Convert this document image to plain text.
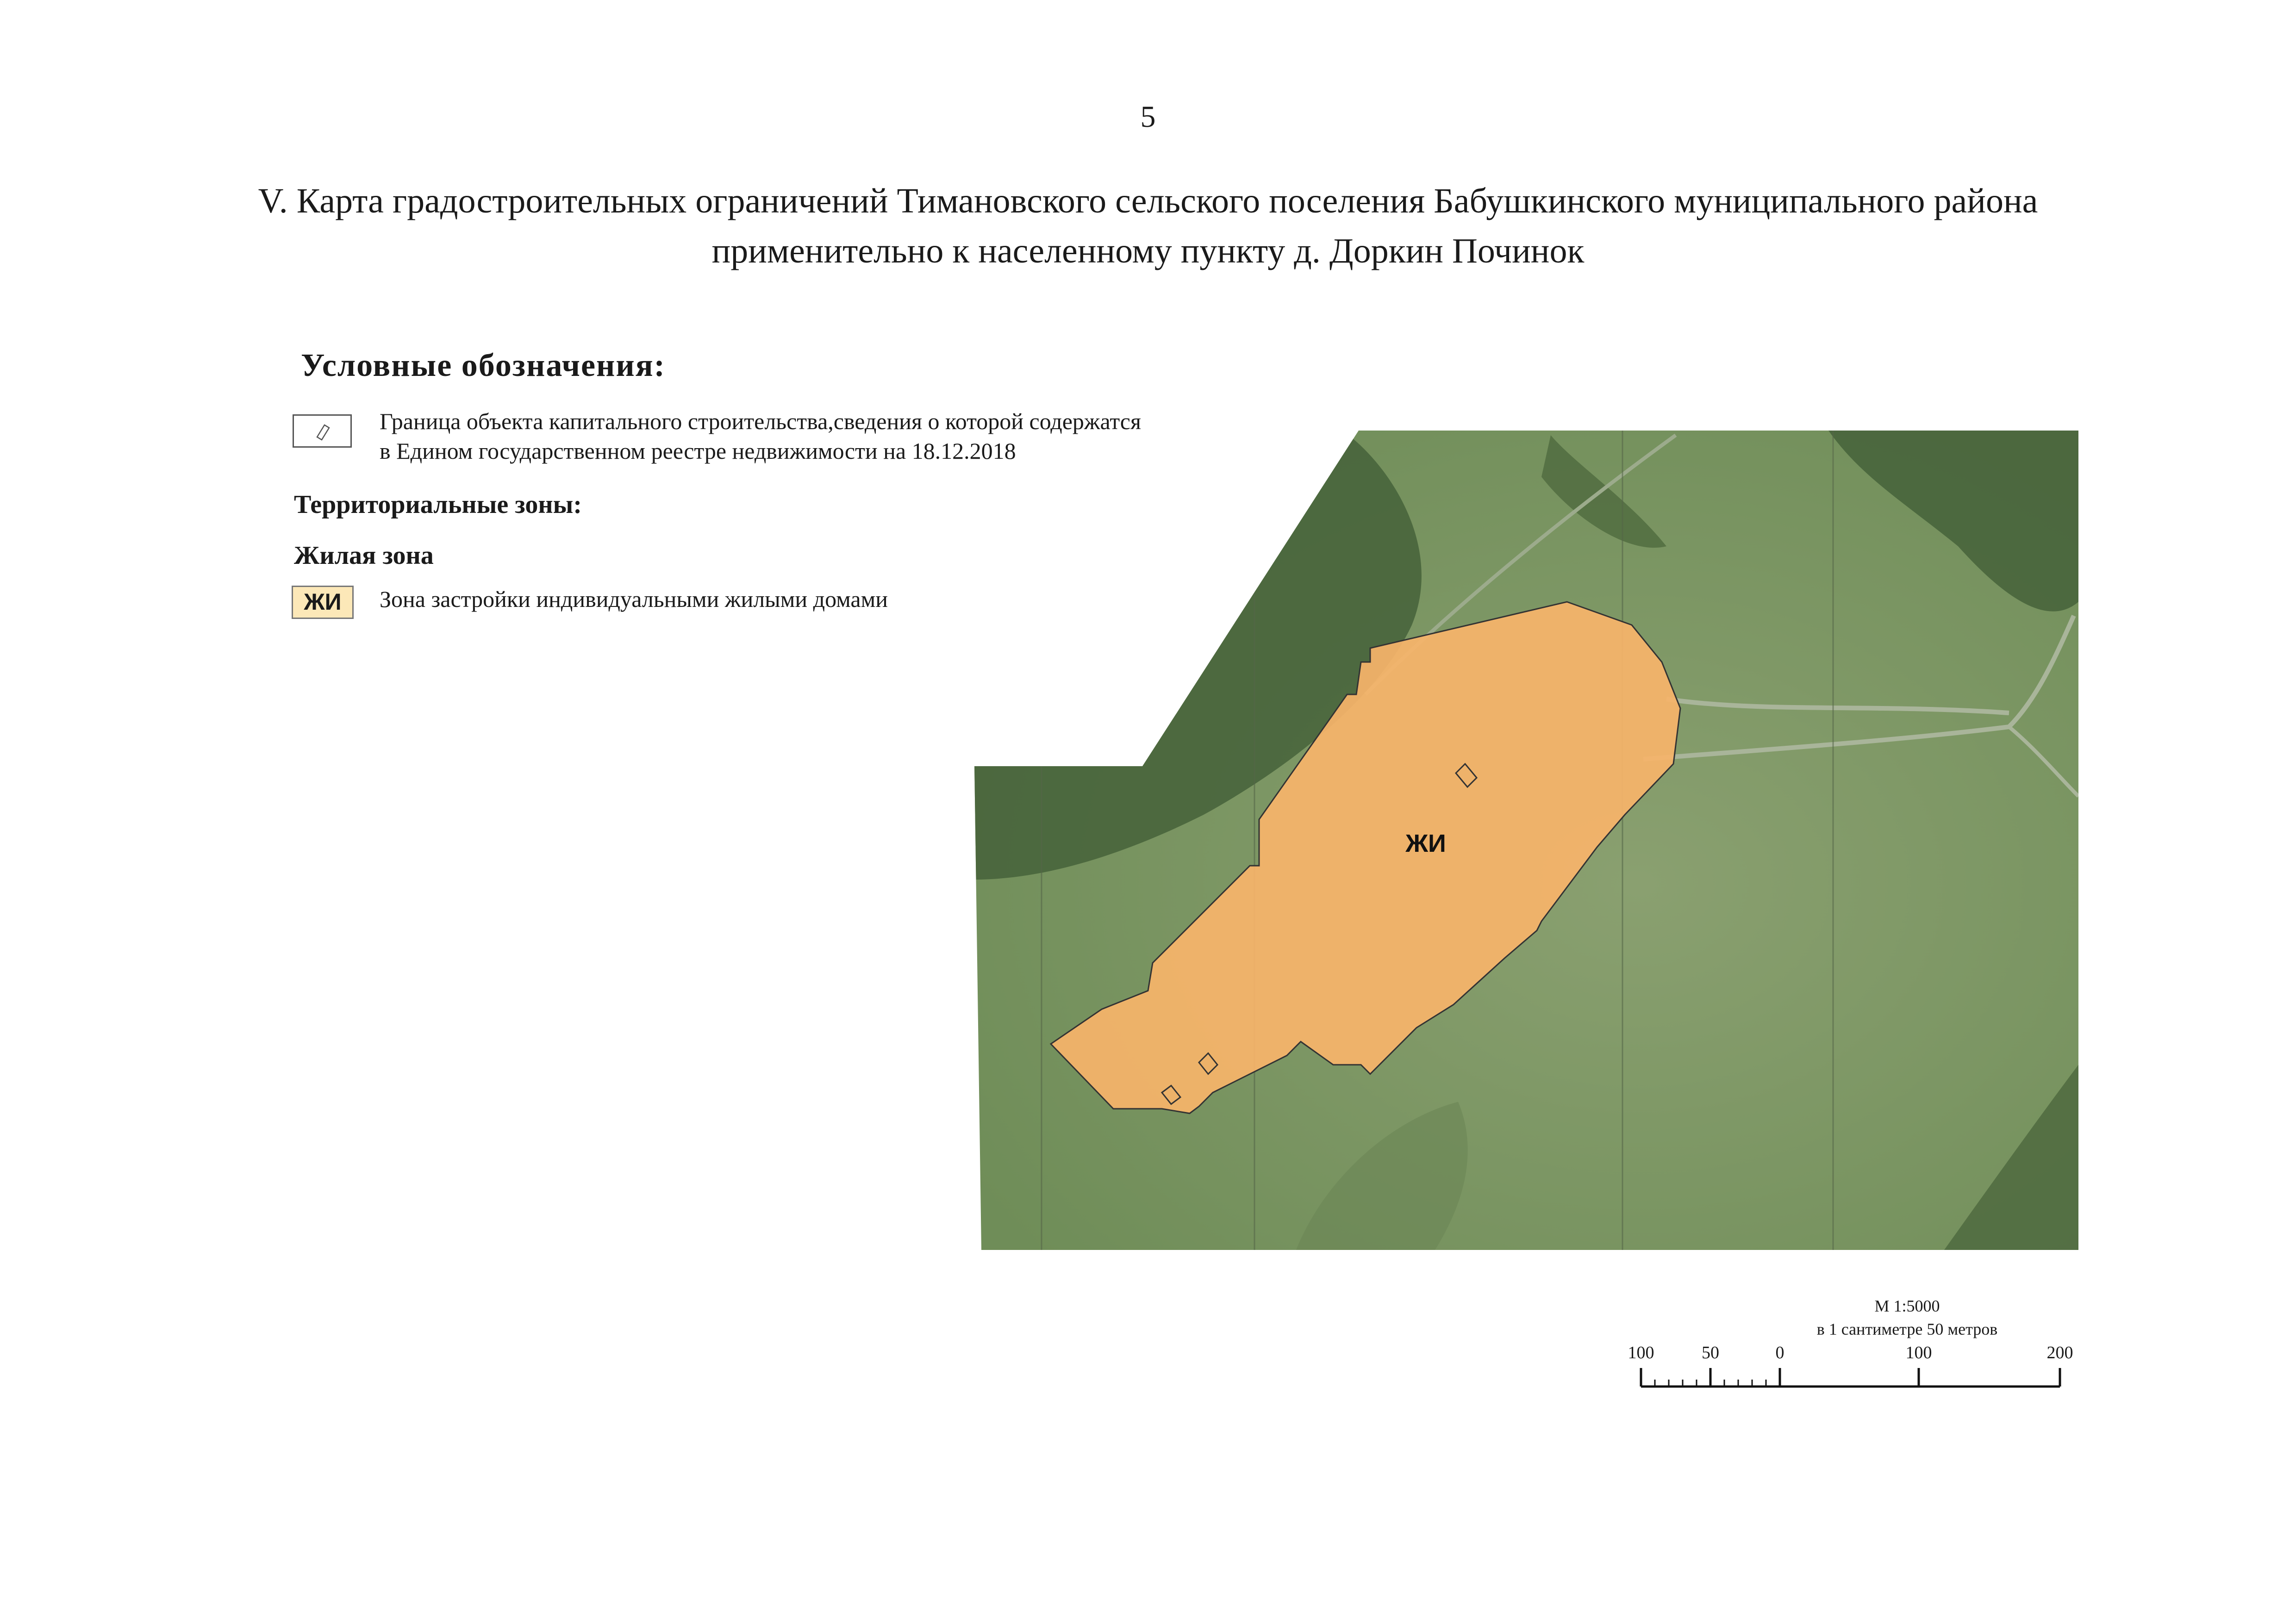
5
V. Карта градостроительных ограничений Тимановского сельского поселения Бабушкинского муниципального района
применительно к населенному пункту д. Доркин Починок
Условные обозначения:
Граница объекта капитального строительства,сведения о которой содержатся
в Едином государственном реестре недвижимости на 18.12.2018
Территориальные зоны:
Жилая зона
ЖИ	Зона застройки индивидуальными жилыми домами
ЖИ
М 1:5000
в 1 сантиметре 50 метров
100	50	0	100	200
